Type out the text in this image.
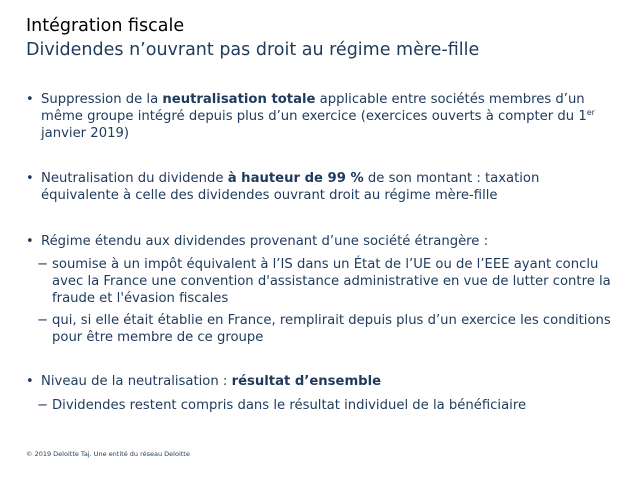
Intégration fiscale
Dividendes n’ouvrant pas droit au régime mère-fille
• Suppression de la neutralisation totale applicable entre sociétés membres d’un même groupe intégré depuis plus d’un exercice (exercices ouverts à compter du 1er janvier 2019)
• Neutralisation du dividende à hauteur de 99 % de son montant : taxation équivalente à celle des dividendes ouvrant droit au régime mère-fille
• Régime étendu aux dividendes provenant d’une société étrangère :
− soumise à un impôt équivalent à l’IS dans un État de l’UE ou de l’EEE ayant conclu avec la France une convention d'assistance administrative en vue de lutter contre la fraude et l'évasion fiscales
− qui, si elle était établie en France, remplirait depuis plus d’un exercice les conditions pour être membre de ce groupe
• Niveau de la neutralisation : résultat d’ensemble
− Dividendes restent compris dans le résultat individuel de la bénéficiaire
© 2019 Deloitte Taj. Une entité du réseau Deloitte
